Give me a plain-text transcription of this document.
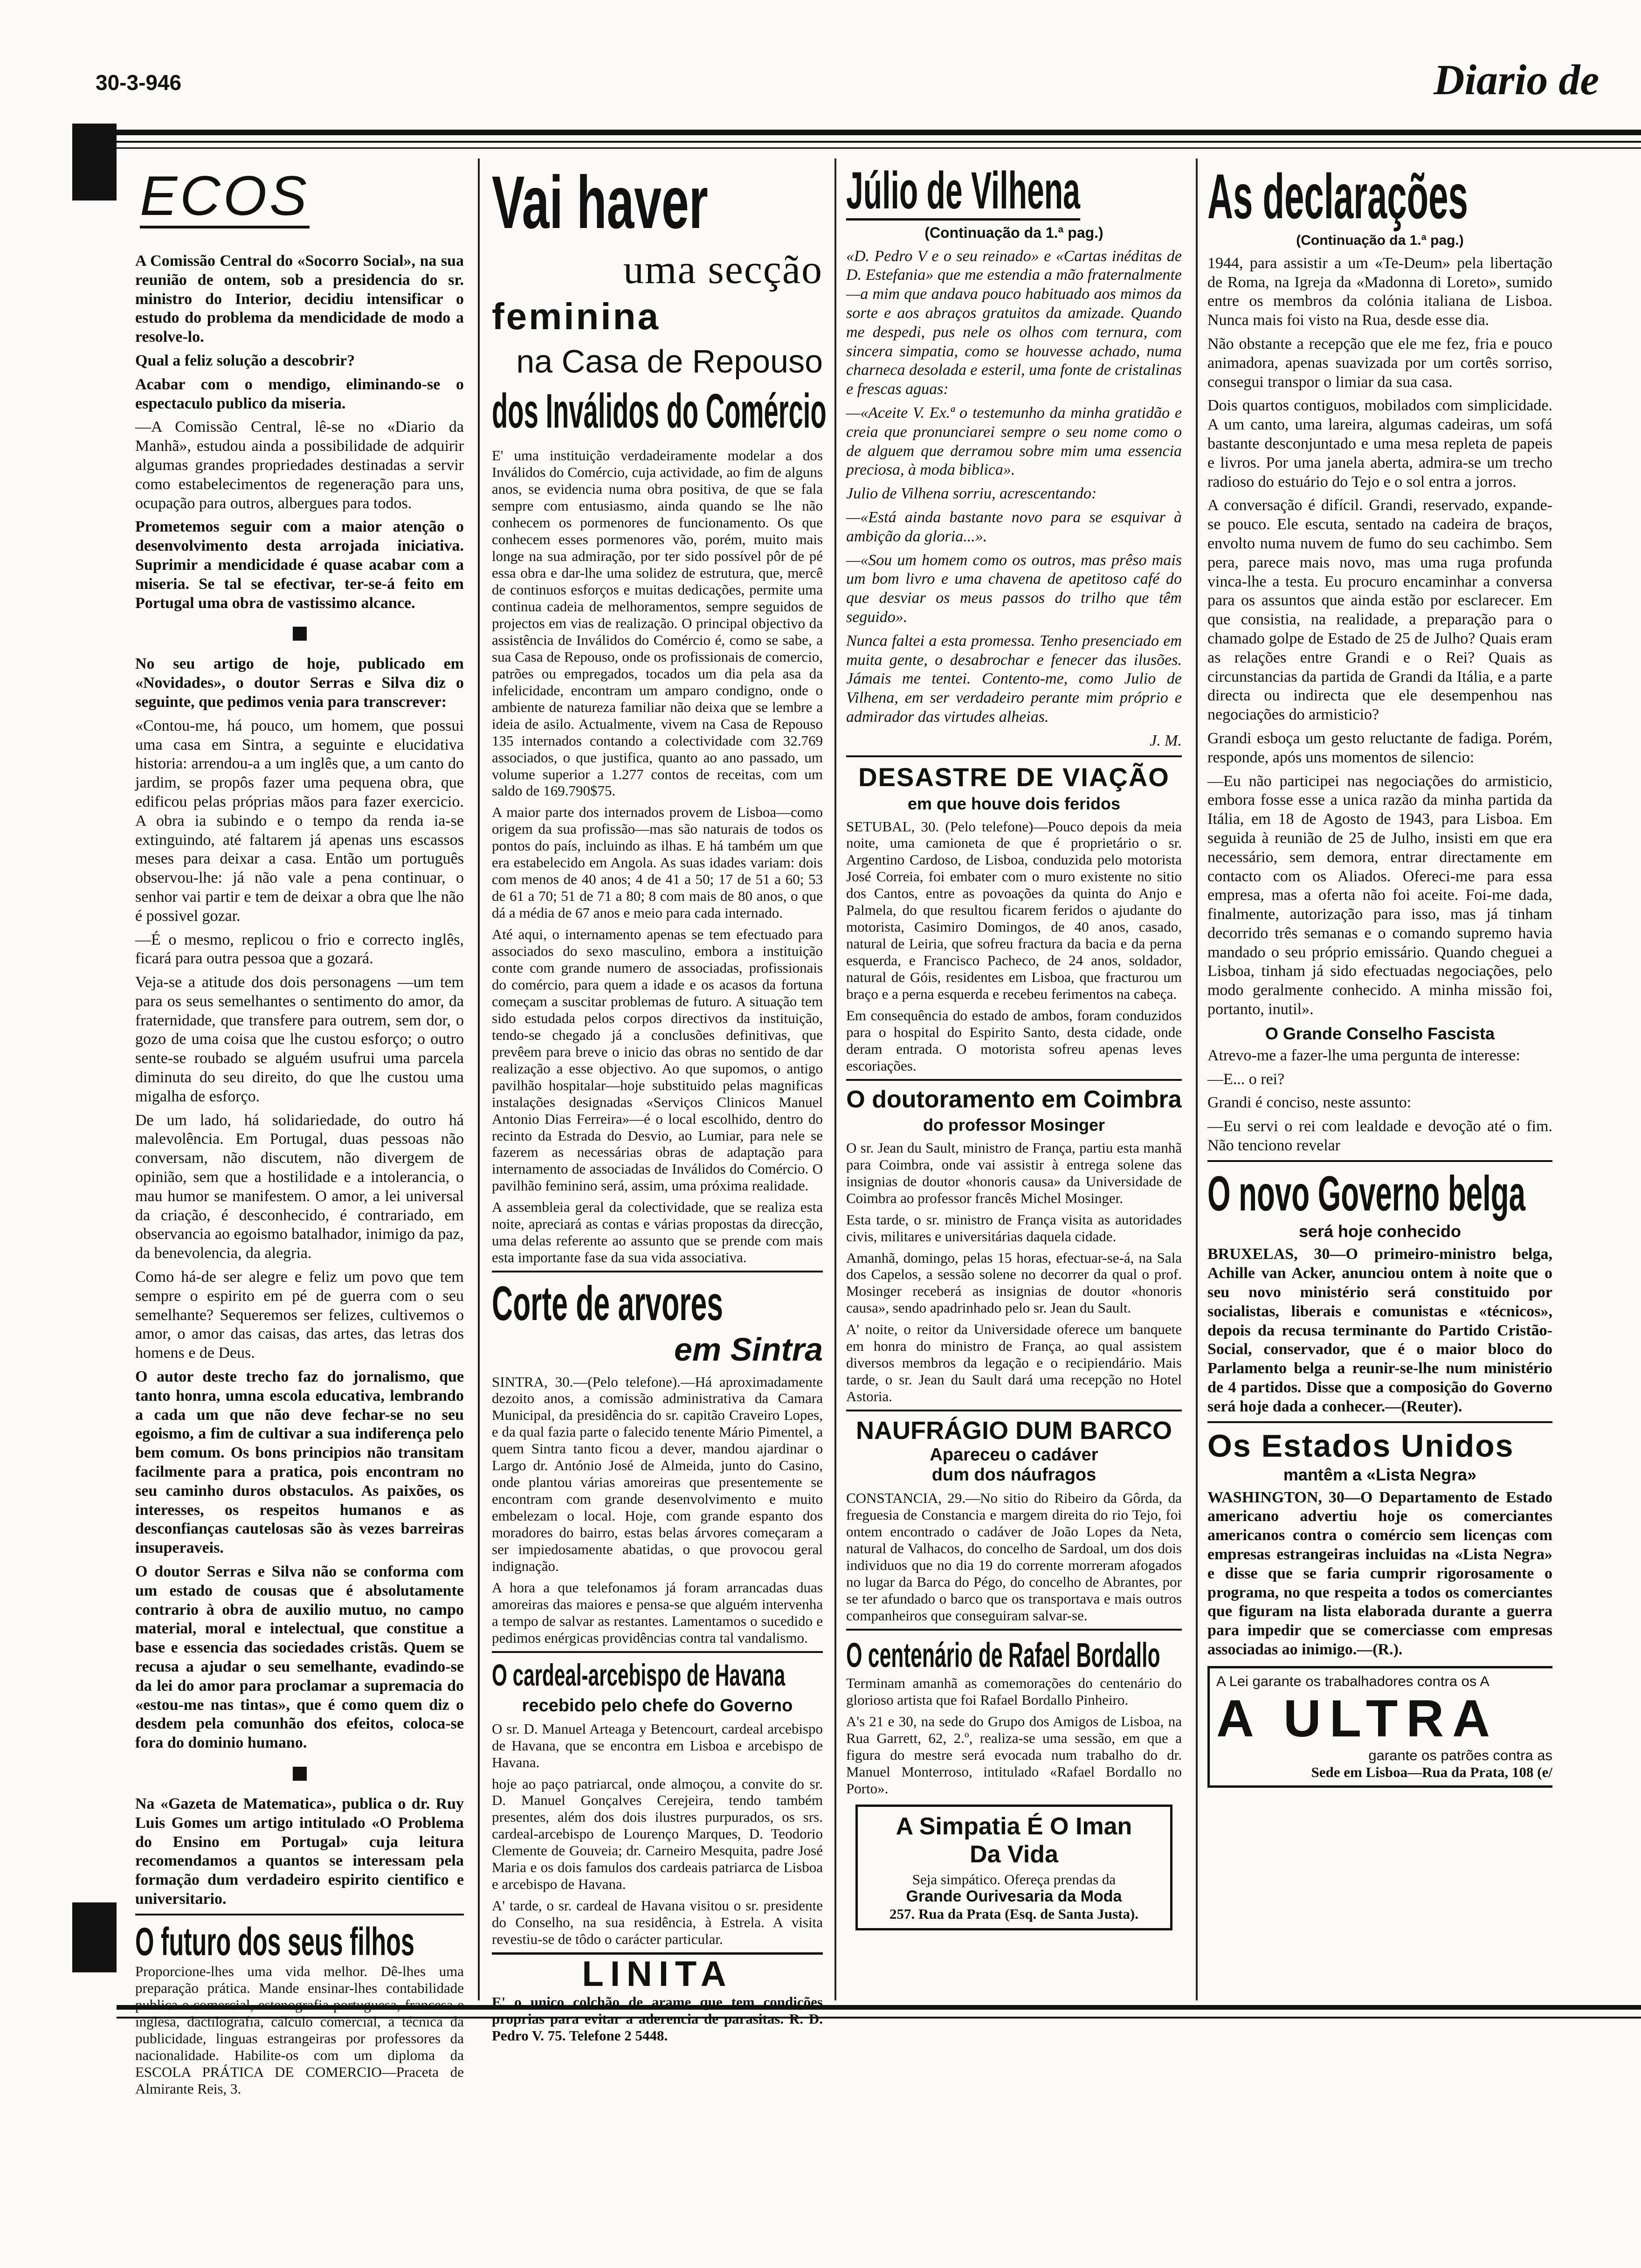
30-3-946	Diario de
ECOS

A Comissão Central do «Socorro Social», na sua reunião de ontem, sob a presidencia do sr. ministro do Interior, decidiu intensificar o estudo do problema da mendicidade de modo a resolve-lo.

Qual a feliz solução a descobrir?

Acabar com o mendigo, eliminando-se o espectaculo publico da miseria.

—A Comissão Central, lê-se no «Diario da Manhã», estudou ainda a possibilidade de adquirir algumas grandes propriedades destinadas a servir como estabelecimentos de regeneração para uns, ocupação para outros, albergues para todos.

Prometemos seguir com a maior atenção o desenvolvimento desta arrojada iniciativa. Suprimir a mendicidade é quase acabar com a miseria. Se tal se efectivar, ter-se-á feito em Portugal uma obra de vastissimo alcance.

No seu artigo de hoje, publicado em «Novidades», o doutor Serras e Silva diz o seguinte, que pedimos venia para transcrever:

«Contou-me, há pouco, um homem, que possui uma casa em Sintra, a seguinte e elucidativa historia: arrendou-a a um inglês que, a um canto do jardim, se propôs fazer uma pequena obra, que edificou pelas próprias mãos para fazer exercicio. A obra ia subindo e o tempo da renda ia-se extinguindo, até faltarem já apenas uns escassos meses para deixar a casa. Então um português observou-lhe: já não vale a pena continuar, o senhor vai partir e tem de deixar a obra que lhe não é possivel gozar.

—É o mesmo, replicou o frio e correcto inglês, ficará para outra pessoa que a gozará.

Veja-se a atitude dos dois personagens —um tem para os seus semelhantes o sentimento do amor, da fraternidade, que transfere para outrem, sem dor, o gozo de uma coisa que lhe custou esforço; o outro sente-se roubado se alguém usufrui uma parcela diminuta do seu direito, do que lhe custou uma migalha de esforço.

De um lado, há solidariedade, do outro há malevolência. Em Portugal, duas pessoas não conversam, não discutem, não divergem de opinião, sem que a hostilidade e a intolerancia, o mau humor se manifestem. O amor, a lei universal da criação, é desconhecido, é contrariado, em observancia ao egoismo batalhador, inimigo da paz, da benevolencia, da alegria.

Como há-de ser alegre e feliz um povo que tem sempre o espirito em pé de guerra com o seu semelhante? Sequeremos ser felizes, cultivemos o amor, o amor das caisas, das artes, das letras dos homens e de Deus.

O autor deste trecho faz do jornalismo, que tanto honra, umna escola educativa, lembrando a cada um que não deve fechar-se no seu egoismo, a fim de cultivar a sua indiferença pelo bem comum. Os bons principios não transitam facilmente para a pratica, pois encontram no seu caminho duros obstaculos. As paixões, os interesses, os respeitos humanos e as desconfianças cautelosas são às vezes barreiras insuperaveis.

O doutor Serras e Silva não se conforma com um estado de cousas que é absolutamente contrario à obra de auxilio mutuo, no campo material, moral e intelectual, que constitue a base e essencia das sociedades cristãs. Quem se recusa a ajudar o seu semelhante, evadindo-se da lei do amor para proclamar a supremacia do «estou-me nas tintas», que é como quem diz o desdem pela comunhão dos efeitos, coloca-se fora do dominio humano.

Na «Gazeta de Matematica», publica o dr. Ruy Luis Gomes um artigo intitulado «O Problema do Ensino em Portugal» cuja leitura recomendamos a quantos se interessam pela formação dum verdadeiro espirito cientifico e universitario.

O futuro dos seus filhos

Proporcione-lhes uma vida melhor. Dê-lhes uma preparação prática. Mande ensinar-lhes contabilidade publica e comercial, estenografia portuguesa, francesa e inglesa, dactilografia, cálculo comercial, a técnica da publicidade, linguas estrangeiras por professores da nacionalidade. Habilite-os com um diploma da ESCOLA PRÁTICA DE COMERCIO—Praceta de Almirante Reis, 3.

Vai haver
uma secção
feminina
na Casa de Repouso
dos Inválidos do Comércio

E' uma instituição verdadeiramente modelar a dos Inválidos do Comércio, cuja actividade, ao fim de alguns anos, se evidencia numa obra positiva, de que se fala sempre com entusiasmo, ainda quando se lhe não conhecem os pormenores de funcionamento. Os que conhecem esses pormenores vão, porém, muito mais longe na sua admiração, por ter sido possível pôr de pé essa obra e dar-lhe uma solidez de estrutura, que, mercê de continuos esforços e muitas dedicações, permite uma continua cadeia de melhoramentos, sempre seguidos de projectos em vias de realização. O principal objectivo da assistência de Inválidos do Comércio é, como se sabe, a sua Casa de Repouso, onde os profissionais de comercio, patrões ou empregados, tocados um dia pela asa da infelicidade, encontram um amparo condigno, onde o ambiente de natureza familiar não deixa que se lembre a ideia de asilo. Actualmente, vivem na Casa de Repouso 135 internados contando a colectividade com 32.769 associados, o que justifica, quanto ao ano passado, um volume superior a 1.277 contos de receitas, com um saldo de 169.790$75.

A maior parte dos internados provem de Lisboa—como origem da sua profissão—mas são naturais de todos os pontos do país, incluindo as ilhas. E há também um que era estabelecido em Angola. As suas idades variam: dois com menos de 40 anos; 4 de 41 a 50; 17 de 51 a 60; 53 de 61 a 70; 51 de 71 a 80; 8 com mais de 80 anos, o que dá a média de 67 anos e meio para cada internado.

Até aqui, o internamento apenas se tem efectuado para associados do sexo masculino, embora a instituição conte com grande numero de associadas, profissionais do comércio, para quem a idade e os acasos da fortuna começam a suscitar problemas de futuro. A situação tem sido estudada pelos corpos directivos da instituição, tendo-se chegado já a conclusões definitivas, que prevêem para breve o inicio das obras no sentido de dar realização a esse objectivo. Ao que supomos, o antigo pavilhão hospitalar—hoje substituido pelas magnificas instalações designadas «Serviços Clinicos Manuel Antonio Dias Ferreira»—é o local escolhido, dentro do recinto da Estrada do Desvio, ao Lumiar, para nele se fazerem as necessárias obras de adaptação para internamento de associadas de Inválidos do Comércio. O pavilhão feminino será, assim, uma próxima realidade.

A assembleia geral da colectividade, que se realiza esta noite, apreciará as contas e várias propostas da direcção, uma delas referente ao assunto que se prende com mais esta importante fase da sua vida associativa.

Corte de arvores
em Sintra

SINTRA, 30.—(Pelo telefone).—Há aproximadamente dezoito anos, a comissão administrativa da Camara Municipal, da presidência do sr. capitão Craveiro Lopes, e da qual fazia parte o falecido tenente Mário Pimentel, a quem Sintra tanto ficou a dever, mandou ajardinar o Largo dr. António José de Almeida, junto do Casino, onde plantou várias amoreiras que presentemente se encontram com grande desenvolvimento e muito embelezam o local. Hoje, com grande espanto dos moradores do bairro, estas belas árvores começaram a ser impiedosamente abatidas, o que provocou geral indignação.

A hora a que telefonamos já foram arrancadas duas amoreiras das maiores e pensa-se que alguém intervenha a tempo de salvar as restantes. Lamentamos o sucedido e pedimos enérgicas providências contra tal vandalismo.

O cardeal-arcebispo de Havana
recebido pelo chefe do Governo

O sr. D. Manuel Arteaga y Betencourt, cardeal arcebispo de Havana, que se encontra em Lisboa e arcebispo de Havana.

hoje ao paço patriarcal, onde almoçou, a convite do sr. D. Manuel Gonçalves Cerejeira, tendo também presentes, além dos dois ilustres purpurados, os srs. cardeal-arcebispo de Lourenço Marques, D. Teodorio Clemente de Gouveia; dr. Carneiro Mesquita, padre José Maria e os dois famulos dos cardeais patriarca de Lisboa e arcebispo de Havana.

A' tarde, o sr. cardeal de Havana visitou o sr. presidente do Conselho, na sua residência, à Estrela. A visita revestiu-se de tôdo o carácter particular.

LINITA

E' o unico colchão de arame que tem condições proprias para evitar a aderencia de parasitas. R. D. Pedro V. 75. Telefone 2 5448.

Júlio de Vilhena
(Continuação da 1.ª pag.)

«D. Pedro V e o seu reinado» e «Cartas inéditas de D. Estefania» que me estendia a mão fraternalmente—a mim que andava pouco habituado aos mimos da sorte e aos abraços gratuitos da amizade. Quando me despedi, pus nele os olhos com ternura, com sincera simpatia, como se houvesse achado, numa charneca desolada e esteril, uma fonte de cristalinas e frescas aguas:

—«Aceite V. Ex.ª o testemunho da minha gratidão e creia que pronunciarei sempre o seu nome como o de alguem que derramou sobre mim uma essencia preciosa, à moda biblica».

Julio de Vilhena sorriu, acrescentando:

—«Está ainda bastante novo para se esquivar à ambição da gloria...».

—«Sou um homem como os outros, mas prêso mais um bom livro e uma chavena de apetitoso café do que desviar os meus passos do trilho que têm seguido».

Nunca faltei a esta promessa. Tenho presenciado em muita gente, o desabrochar e fenecer das ilusões. Jámais me tentei. Contento-me, como Julio de Vilhena, em ser verdadeiro perante mim próprio e admirador das virtudes alheias.

J. M.

DESASTRE DE VIAÇÃO
em que houve dois feridos

SETUBAL, 30. (Pelo telefone)—Pouco depois da meia noite, uma camioneta de que é proprietário o sr. Argentino Cardoso, de Lisboa, conduzida pelo motorista José Correia, foi embater com o muro existente no sitio dos Cantos, entre as povoações da quinta do Anjo e Palmela, do que resultou ficarem feridos o ajudante do motorista, Casimiro Domingos, de 40 anos, casado, natural de Leiria, que sofreu fractura da bacia e da perna esquerda, e Francisco Pacheco, de 24 anos, soldador, natural de Góis, residentes em Lisboa, que fracturou um braço e a perna esquerda e recebeu ferimentos na cabeça.

Em consequência do estado de ambos, foram conduzidos para o hospital do Espirito Santo, desta cidade, onde deram entrada. O motorista sofreu apenas leves escoriações.

O doutoramento em Coimbra
do professor Mosinger

O sr. Jean du Sault, ministro de França, partiu esta manhã para Coimbra, onde vai assistir à entrega solene das insignias de doutor «honoris causa» da Universidade de Coimbra ao professor francês Michel Mosinger.

Esta tarde, o sr. ministro de França visita as autoridades civis, militares e universitárias daquela cidade.

Amanhã, domingo, pelas 15 horas, efectuar-se-á, na Sala dos Capelos, a sessão solene no decorrer da qual o prof. Mosinger receberá as insignias de doutor «honoris causa», sendo apadrinhado pelo sr. Jean du Sault.

A' noite, o reitor da Universidade oferece um banquete em honra do ministro de França, ao qual assistem diversos membros da legação e o recipiendário. Mais tarde, o sr. Jean du Sault dará uma recepção no Hotel Astoria.

NAUFRÁGIO DUM BARCO
Apareceu o cadáver
dum dos náufragos

CONSTANCIA, 29.—No sitio do Ribeiro da Gôrda, da freguesia de Constancia e margem direita do rio Tejo, foi ontem encontrado o cadáver de João Lopes da Neta, natural de Valhacos, do concelho de Sardoal, um dos dois individuos que no dia 19 do corrente morreram afogados no lugar da Barca do Pégo, do concelho de Abrantes, por se ter afundado o barco que os transportava e mais outros companheiros que conseguiram salvar-se.

O centenário de Rafael Bordallo

Terminam amanhã as comemorações do centenário do glorioso artista que foi Rafael Bordallo Pinheiro.

A's 21 e 30, na sede do Grupo dos Amigos de Lisboa, na Rua Garrett, 62, 2.º, realiza-se uma sessão, em que a figura do mestre será evocada num trabalho do dr. Manuel Monterroso, intitulado «Rafael Bordallo no Porto».

A Simpatia É O Iman
Da Vida
Seja simpático. Ofereça prendas da
Grande Ourivesaria da Moda
257. Rua da Prata (Esq. de Santa Justa).
As declarações
(Continuação da 1.ª pag.)

1944, para assistir a um «Te-Deum» pela libertação de Roma, na Igreja da «Madonna di Loreto», sumido entre os membros da colónia italiana de Lisboa. Nunca mais foi visto na Rua, desde esse dia.

Não obstante a recepção que ele me fez, fria e pouco animadora, apenas suavizada por um cortês sorriso, consegui transpor o limiar da sua casa.

Dois quartos contiguos, mobilados com simplicidade. A um canto, uma lareira, algumas cadeiras, um sofá bastante desconjuntado e uma mesa repleta de papeis e livros. Por uma janela aberta, admira-se um trecho radioso do estuário do Tejo e o sol entra a jorros.

A conversação é difícil. Grandi, reservado, expande-se pouco. Ele escuta, sentado na cadeira de braços, envolto numa nuvem de fumo do seu cachimbo. Sem pera, parece mais novo, mas uma ruga profunda vinca-lhe a testa. Eu procuro encaminhar a conversa para os assuntos que ainda estão por esclarecer. Em que consistia, na realidade, a preparação para o chamado golpe de Estado de 25 de Julho? Quais eram as relações entre Grandi e o Rei? Quais as circunstancias da partida de Grandi da Itália, e a parte directa ou indirecta que ele desempenhou nas negociações do armisticio?

Grandi esboça um gesto reluctante de fadiga. Porém, responde, após uns momentos de silencio:

—Eu não participei nas negociações do armisticio, embora fosse esse a unica razão da minha partida da Itália, em 18 de Agosto de 1943, para Lisboa. Em seguida à reunião de 25 de Julho, insisti em que era necessário, sem demora, entrar directamente em contacto com os Aliados. Ofereci-me para essa empresa, mas a oferta não foi aceite. Foi-me dada, finalmente, autorização para isso, mas já tinham decorrido três semanas e o comando supremo havia mandado o seu próprio emissário. Quando cheguei a Lisboa, tinham já sido efectuadas negociações, pelo modo geralmente conhecido. A minha missão foi, portanto, inutil».

O Grande Conselho Fascista

Atrevo-me a fazer-lhe uma pergunta de interesse:

—E... o rei?

Grandi é conciso, neste assunto:

—Eu servi o rei com lealdade e devoção até o fim. Não tenciono revelar

O novo Governo belga
será hoje conhecido

BRUXELAS, 30—O primeiro-ministro belga, Achille van Acker, anunciou ontem à noite que o seu novo ministério será constituido por socialistas, liberais e comunistas e «técnicos», depois da recusa terminante do Partido Cristão-Social, conservador, que é o maior bloco do Parlamento belga a reunir-se-lhe num ministério de 4 partidos. Disse que a composição do Governo será hoje dada a conhecer.—(Reuter).

Os Estados Unidos
mantêm a «Lista Negra»

WASHINGTON, 30—O Departamento de Estado americano advertiu hoje os comerciantes americanos contra o comércio sem licenças com empresas estrangeiras incluidas na «Lista Negra» e disse que se faria cumprir rigorosamente o programa, no que respeita a todos os comerciantes que figuram na lista elaborada durante a guerra para impedir que se comerciasse com empresas associadas ao inimigo.—(R.).

A Lei garante os trabalhadores contra os A
A ULTRA
garante os patrões contra as
Sede em Lisboa—Rua da Prata, 108 (e/
